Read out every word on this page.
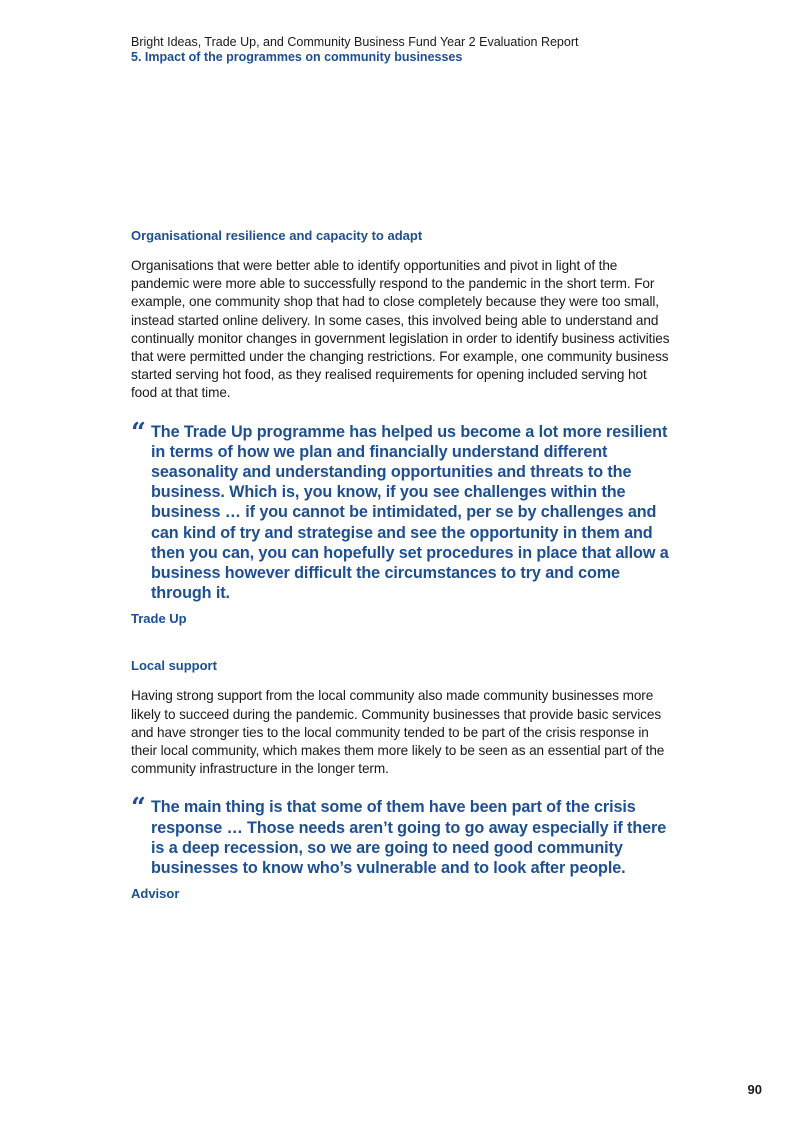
Bright Ideas, Trade Up, and Community Business Fund Year 2 Evaluation Report
5. Impact of the programmes on community businesses
Organisational resilience and capacity to adapt

Organisations that were better able to identify opportunities and pivot in light of the pandemic were more able to successfully respond to the pandemic in the short term. For example, one community shop that had to close completely because they were too small, instead started online delivery. In some cases, this involved being able to understand and continually monitor changes in government legislation in order to identify business activities that were permitted under the changing restrictions. For example, one community business started serving hot food, as they realised requirements for opening included serving hot food at that time.

“ The Trade Up programme has helped us become a lot more resilient in terms of how we plan and financially understand different seasonality and understanding opportunities and threats to the business. Which is, you know, if you see challenges within the business … if you cannot be intimidated, per se by challenges and can kind of try and strategise and see the opportunity in them and then you can, you can hopefully set procedures in place that allow a business however difficult the circumstances to try and come through it.

Trade Up

Local support

Having strong support from the local community also made community businesses more likely to succeed during the pandemic. Community businesses that provide basic services and have stronger ties to the local community tended to be part of the crisis response in their local community, which makes them more likely to be seen as an essential part of the community infrastructure in the longer term.

“ The main thing is that some of them have been part of the crisis response … Those needs aren’t going to go away especially if there is a deep recession, so we are going to need good community businesses to know who’s vulnerable and to look after people.

Advisor

90
